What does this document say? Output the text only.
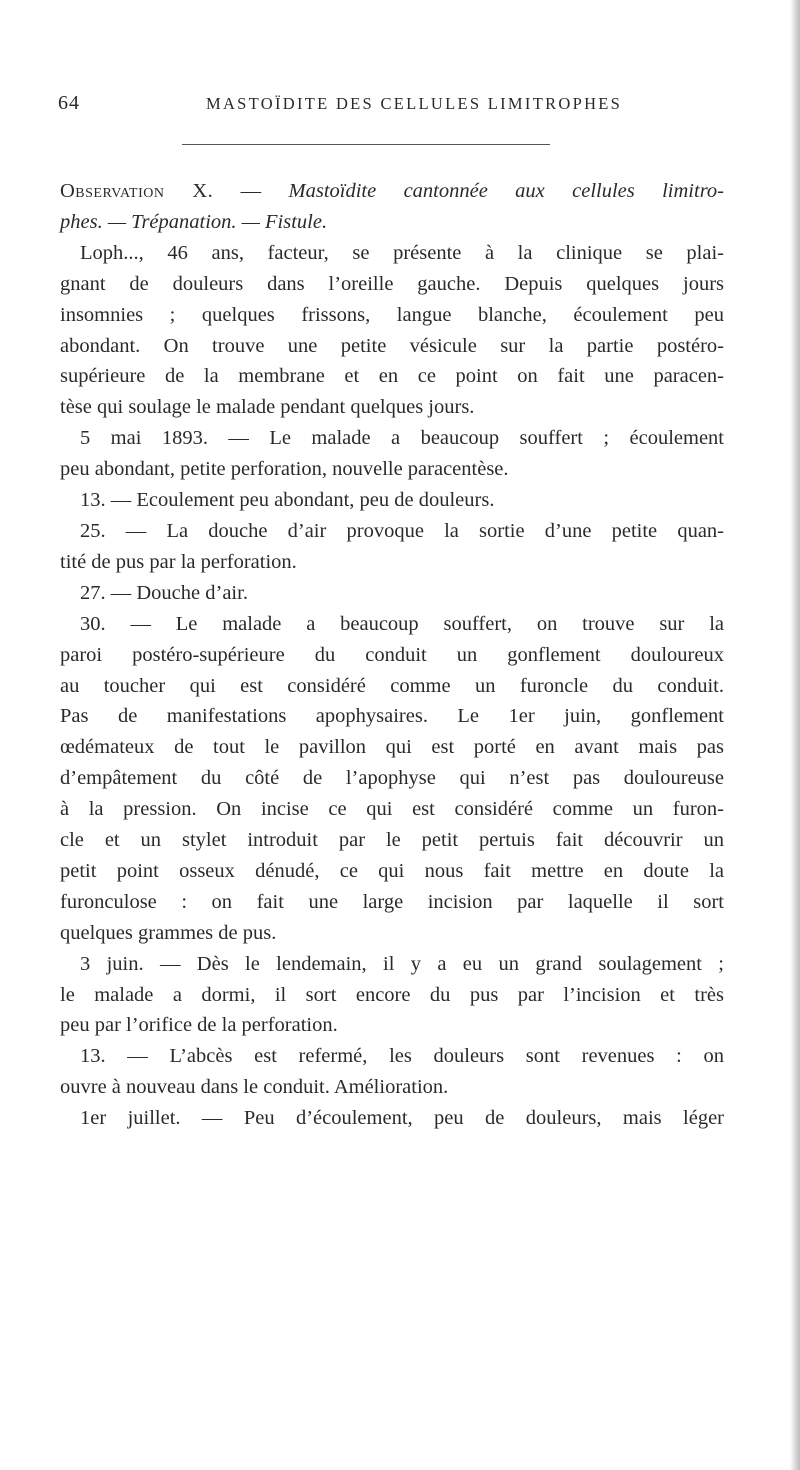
64	MASTOÏDITE DES CELLULES LIMITROPHES

Observation X. — Mastoïdite cantonnée aux cellules limitro-

phes. — Trépanation. — Fistule.

Loph..., 46 ans, facteur, se présente à la clinique se plai-

gnant de douleurs dans l’oreille gauche. Depuis quelques jours

insomnies ; quelques frissons, langue blanche, écoulement peu

abondant. On trouve une petite vésicule sur la partie postéro-

supérieure de la membrane et en ce point on fait une paracen-

tèse qui soulage le malade pendant quelques jours.

5 mai 1893. — Le malade a beaucoup souffert ; écoulement

peu abondant, petite perforation, nouvelle paracentèse.

13. — Ecoulement peu abondant, peu de douleurs.

25. — La douche d’air provoque la sortie d’une petite quan-

tité de pus par la perforation.

27. — Douche d’air.

30. — Le malade a beaucoup souffert, on trouve sur la

paroi postéro-supérieure du conduit un gonflement douloureux

au toucher qui est considéré comme un furoncle du conduit.

Pas de manifestations apophysaires. Le 1er juin, gonflement

œdémateux de tout le pavillon qui est porté en avant mais pas

d’empâtement du côté de l’apophyse qui n’est pas douloureuse

à la pression. On incise ce qui est considéré comme un furon-

cle et un stylet introduit par le petit pertuis fait découvrir un

petit point osseux dénudé, ce qui nous fait mettre en doute la

furonculose : on fait une large incision par laquelle il sort

quelques grammes de pus.

3 juin. — Dès le lendemain, il y a eu un grand soulagement ;

le malade a dormi, il sort encore du pus par l’incision et très

peu par l’orifice de la perforation.

13. — L’abcès est refermé, les douleurs sont revenues : on

ouvre à nouveau dans le conduit. Amélioration.

1er juillet. — Peu d’écoulement, peu de douleurs, mais léger
